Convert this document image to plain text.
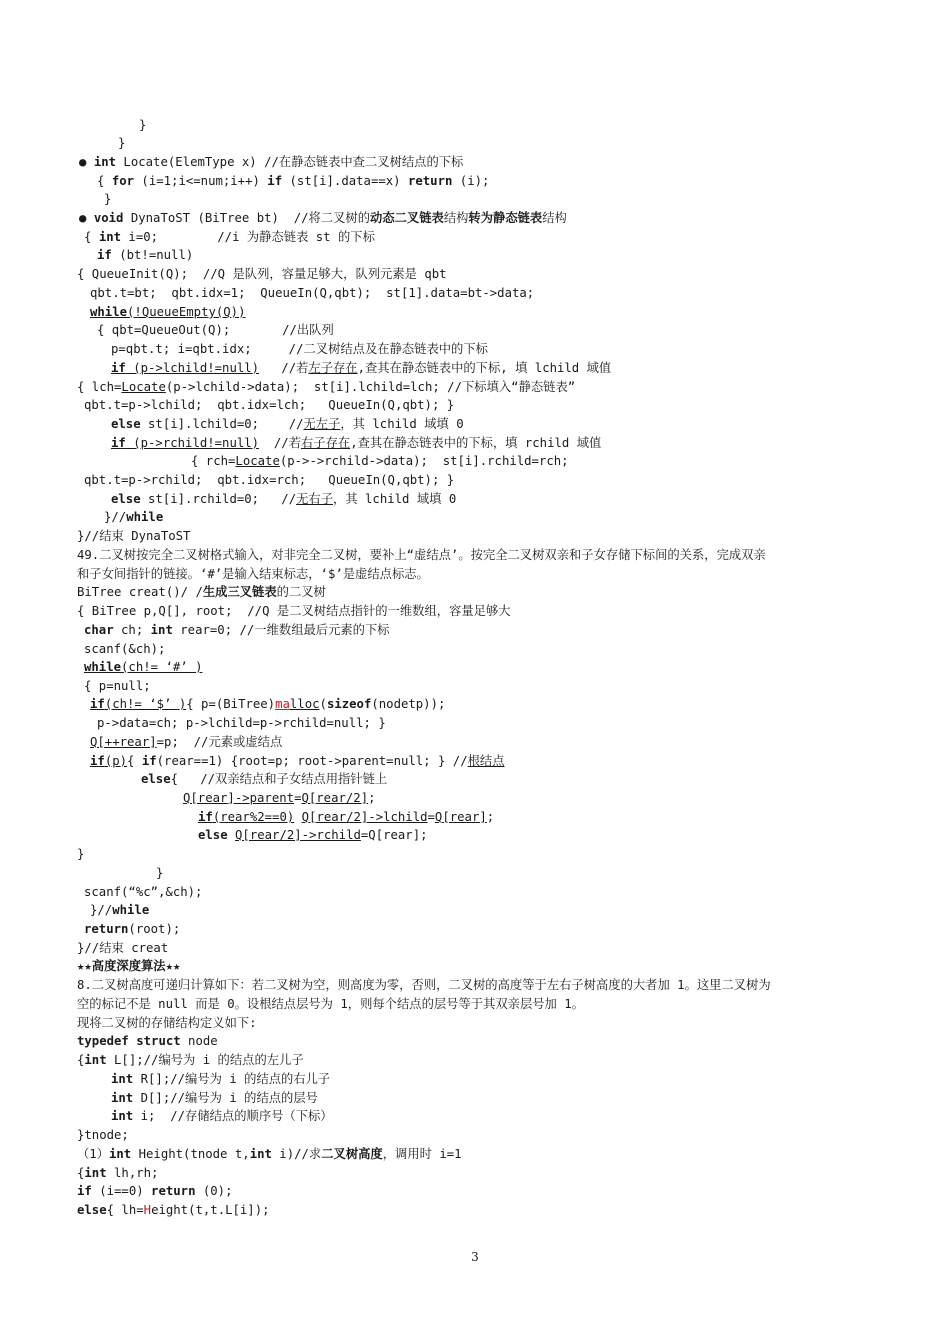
}
}
● int Locate(ElemType x) //在静态链表中查二叉树结点的下标
{ for (i=1;i<=num;i++) if (st[i].data==x) return (i);
}
● void DynaToST (BiTree bt)  //将二叉树的动态二叉链表结构转为静态链表结构
{ int i=0;        //i 为静态链表 st 的下标
if (bt!=null)
{ QueueInit(Q);  //Q 是队列，容量足够大，队列元素是 qbt
qbt.t=bt;  qbt.idx=1;  QueueIn(Q,qbt);  st[1].data=bt->data;
while(!QueueEmpty(Q))
{ qbt=QueueOut(Q);       //出队列
p=qbt.t; i=qbt.idx;     //二叉树结点及在静态链表中的下标
if (p->lchild!=null)   //若左子存在,查其在静态链表中的下标, 填 lchild 域值
{ lch=Locate(p->lchild->data);  st[i].lchild=lch; //下标填入“静态链表”
qbt.t=p->lchild;  qbt.idx=lch;   QueueIn(Q,qbt); }
else st[i].lchild=0;    //无左子，其 lchild 域填 0
if (p->rchild!=null)  //若右子存在,查其在静态链表中的下标，填 rchild 域值
{ rch=Locate(p->->rchild->data);  st[i].rchild=rch;
qbt.t=p->rchild;  qbt.idx=rch;   QueueIn(Q,qbt); }
else st[i].rchild=0;   //无右子，其 lchild 域填 0
}//while
}//结束 DynaToST
49.二叉树按完全二叉树格式输入，对非完全二叉树，要补上“虚结点’。按完全二叉树双亲和子女存储下标间的关系，完成双亲
和子女间指针的链接。‘#’是输入结束标志，‘$’是虚结点标志。
BiTree creat()/ /生成三叉链表的二叉树
{ BiTree p,Q[], root;  //Q 是二叉树结点指针的一维数组，容量足够大
char ch; int rear=0; //一维数组最后元素的下标
scanf(&ch);
while(ch!= ‘#’ )
{ p=null;
if(ch!= ‘$’ ){ p=(BiTree)malloc(sizeof(nodetp));
p->data=ch; p->lchild=p->rchild=null; }
Q[++rear]=p;  //元素或虚结点
if(p){ if(rear==1) {root=p; root->parent=null; } //根结点
else{   //双亲结点和子女结点用指针链上
Q[rear]->parent=Q[rear/2];
if(rear%2==0) Q[rear/2]->lchild=Q[rear];
else Q[rear/2]->rchild=Q[rear];
}
}
scanf(“%c”,&ch);
}//while
return(root);
}//结束 creat
★★高度深度算法★★
8.二叉树高度可递归计算如下：若二叉树为空，则高度为零，否则，二叉树的高度等于左右子树高度的大者加 1。这里二叉树为
空的标记不是 null 而是 0。设根结点层号为 1，则每个结点的层号等于其双亲层号加 1。
现将二叉树的存储结构定义如下:
typedef struct node
{int L[];//编号为 i 的结点的左儿子
int R[];//编号为 i 的结点的右儿子
int D[];//编号为 i 的结点的层号
int i;  //存储结点的顺序号（下标）
}tnode;
（1）int Height(tnode t,int i)//求二叉树高度，调用时 i=1
{int lh,rh;
if (i==0) return (0);
else{ lh=Height(t,t.L[i]);
3
